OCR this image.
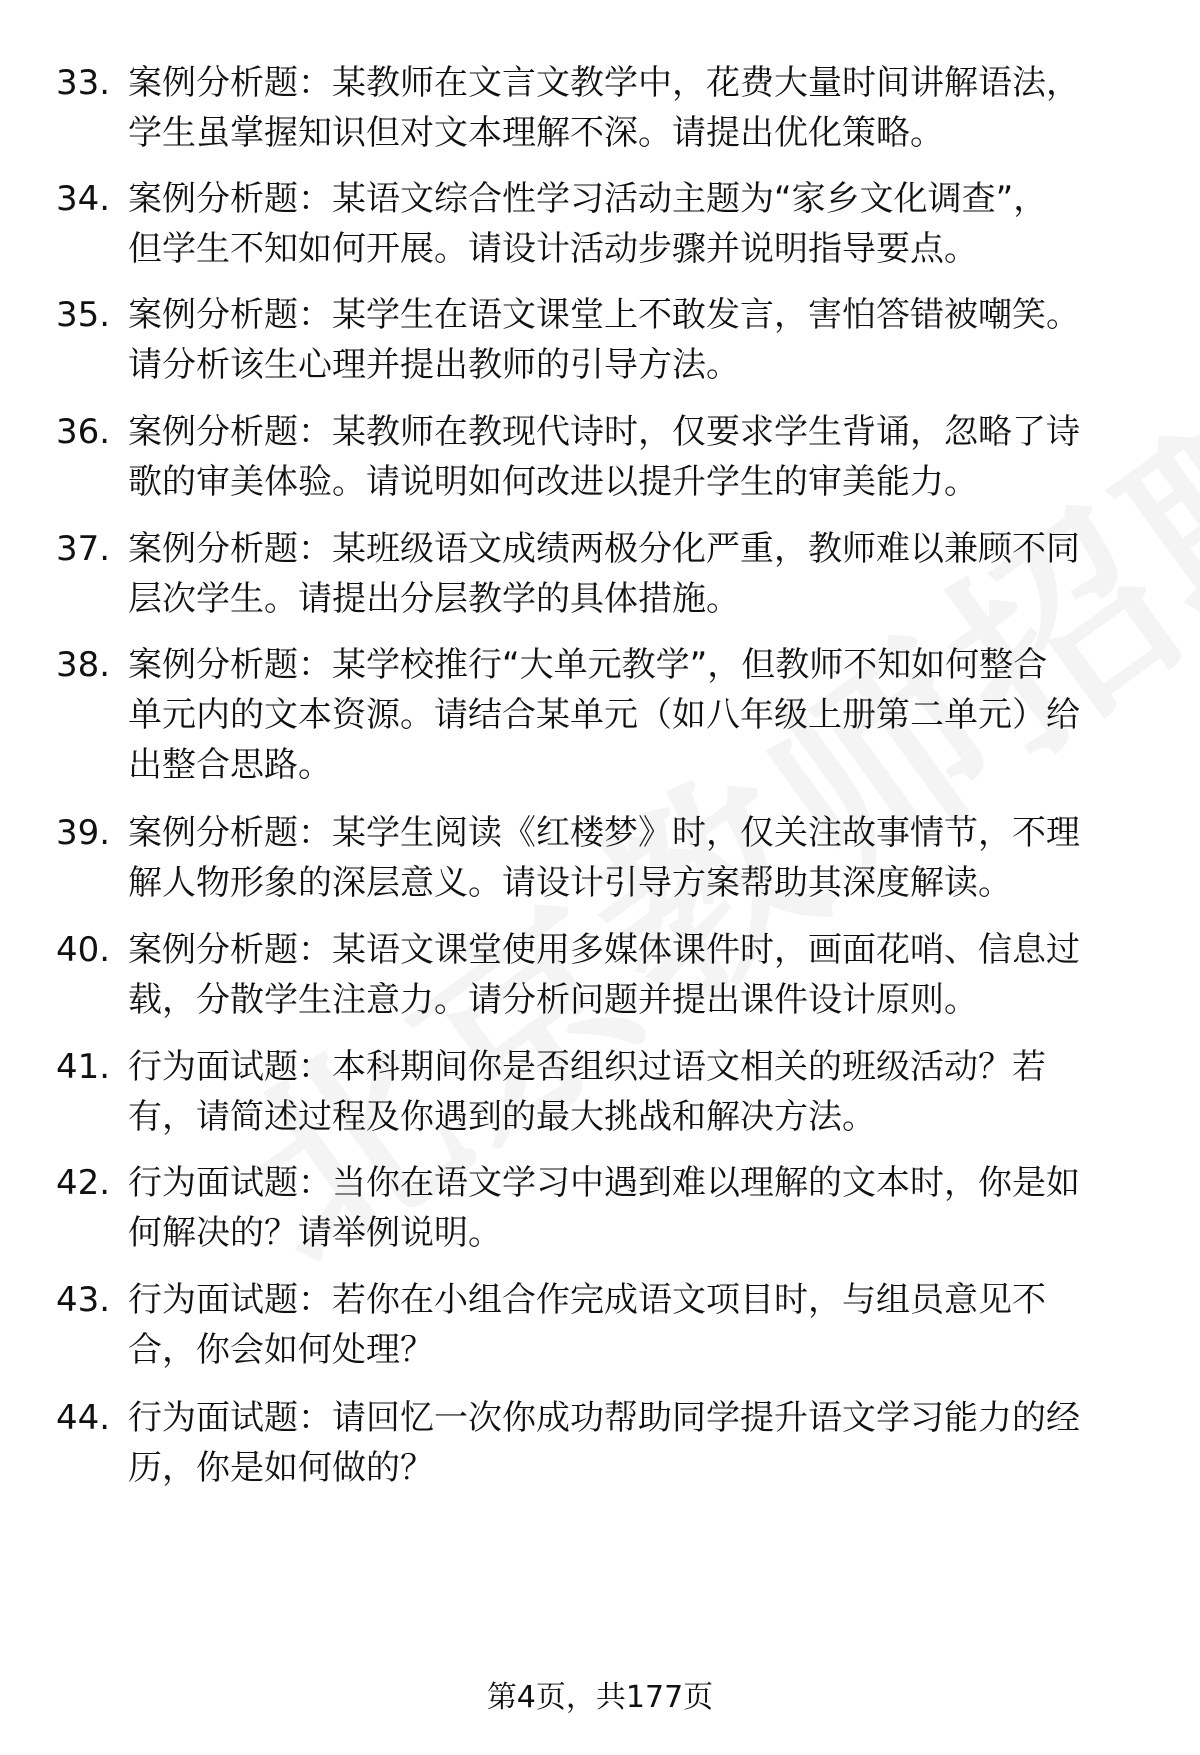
33. 案例分析题：某教师在文言文教学中，花费大量时间讲解语法，
学生虽掌握知识但对文本理解不深。请提出优化策略。
34. 案例分析题：某语文综合性学习活动主题为“家乡文化调查”，
但学生不知如何开展。请设计活动步骤并说明指导要点。
35. 案例分析题：某学生在语文课堂上不敢发言，害怕答错被嘲笑。
请分析该生心理并提出教师的引导方法。
36. 案例分析题：某教师在教现代诗时，仅要求学生背诵，忽略了诗
歌的审美体验。请说明如何改进以提升学生的审美能力。
37. 案例分析题：某班级语文成绩两极分化严重，教师难以兼顾不同
层次学生。请提出分层教学的具体措施。
38. 案例分析题：某学校推行“大单元教学”，但教师不知如何整合
单元内的文本资源。请结合某单元（如八年级上册第二单元）给
出整合思路。
39. 案例分析题：某学生阅读《红楼梦》时，仅关注故事情节，不理
解人物形象的深层意义。请设计引导方案帮助其深度解读。
40. 案例分析题：某语文课堂使用多媒体课件时，画面花哨、信息过
载，分散学生注意力。请分析问题并提出课件设计原则。
41. 行为面试题：本科期间你是否组织过语文相关的班级活动？若
有，请简述过程及你遇到的最大挑战和解决方法。
42. 行为面试题：当你在语文学习中遇到难以理解的文本时，你是如
何解决的？请举例说明。
43. 行为面试题：若你在小组合作完成语文项目时，与组员意见不
合，你会如何处理？
44. 行为面试题：请回忆一次你成功帮助同学提升语文学习能力的经
历，你是如何做的？
第4页，共177页
